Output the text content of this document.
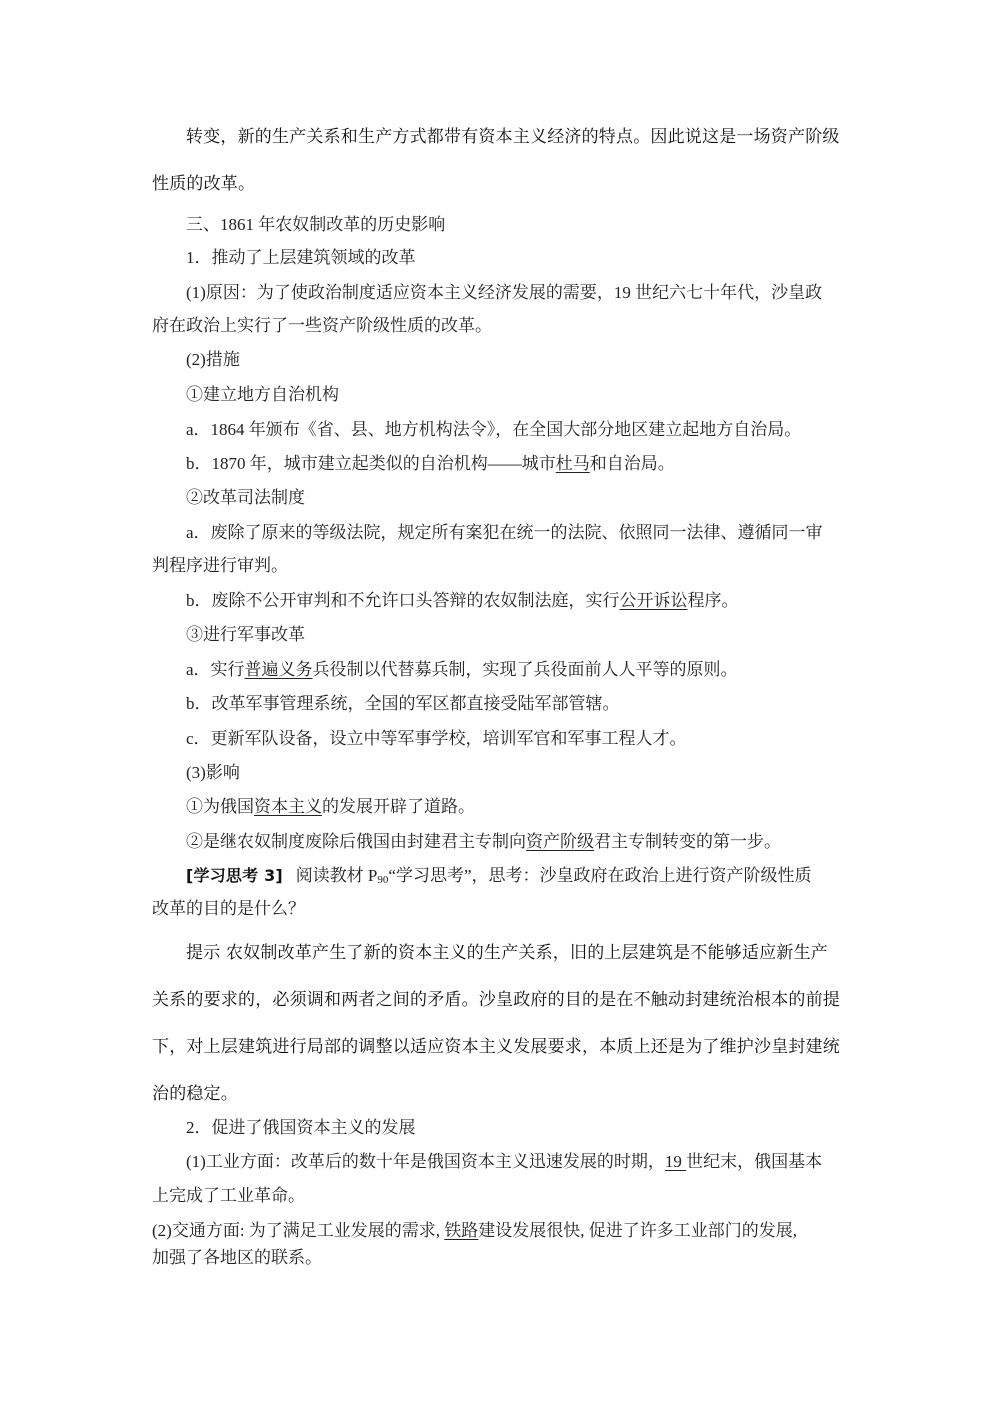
转变，新的生产关系和生产方式都带有资本主义经济的特点。因此说这是一场资产阶级
性质的改革。
三、1861 年农奴制改革的历史影响
1．推动了上层建筑领域的改革
(1)原因：为了使政治制度适应资本主义经济发展的需要，19 世纪六七十年代，沙皇政
府在政治上实行了一些资产阶级性质的改革。
(2)措施
①建立地方自治机构
a．1864 年颁布《省、县、地方机构法令》，在全国大部分地区建立起地方自治局。
b．1870 年，城市建立起类似的自治机构——城市杜马和自治局。
②改革司法制度
a．废除了原来的等级法院，规定所有案犯在统一的法院、依照同一法律、遵循同一审
判程序进行审判。
b．废除不公开审判和不允许口头答辩的农奴制法庭，实行公开诉讼程序。
③进行军事改革
a．实行普遍义务兵役制以代替募兵制，实现了兵役面前人人平等的原则。
b．改革军事管理系统，全国的军区都直接受陆军部管辖。
c．更新军队设备，设立中等军事学校，培训军官和军事工程人才。
(3)影响
①为俄国资本主义的发展开辟了道路。
②是继农奴制度废除后俄国由封建君主专制向资产阶级君主专制转变的第一步。
[学习思考 3] 阅读教材 $P_{90}“$学习思考”，思考：沙皇政府在政治上进行资产阶级性质
改革的目的是什么？
提示 农奴制改革产生了新的资本主义的生产关系，旧的上层建筑是不能够适应新生产
关系的要求的，必须调和两者之间的矛盾。沙皇政府的目的是在不触动封建统治根本的前提
下，对上层建筑进行局部的调整以适应资本主义发展要求，本质上还是为了维护沙皇封建统
治的稳定。
2．促进了俄国资本主义的发展
(1)工业方面：改革后的数十年是俄国资本主义迅速发展的时期，19 世纪末，俄国基本
上完成了工业革命。
(2)交通方面: 为了满足工业发展的需求, 铁路建设发展很快, 促进了许多工业部门的发展,
加强了各地区的联系。
